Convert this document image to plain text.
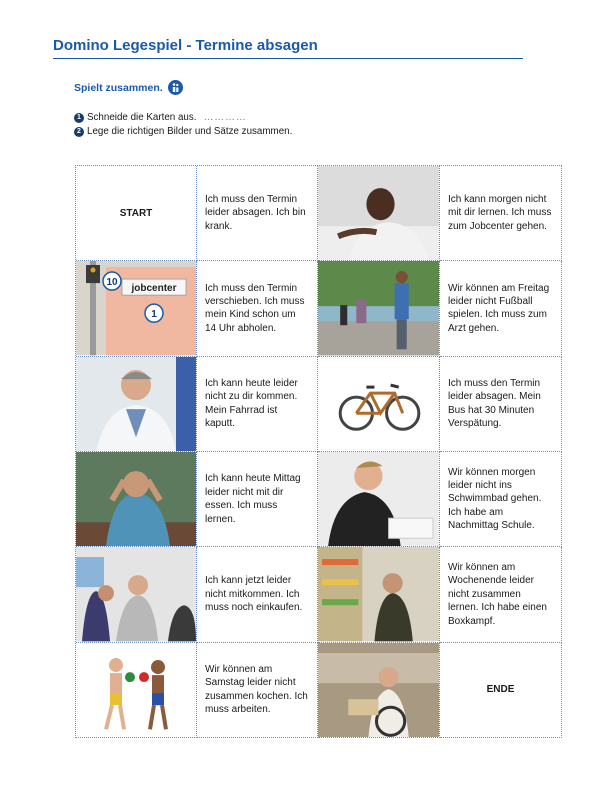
Domino Legespiel - Termine absagen
Spielt zusammen.
1 Schneide die Karten aus. …………
2 Lege die richtigen Bilder und Sätze zusammen.
START
Ich muss den Termin leider absagen. Ich bin krank.
Ich kann morgen nicht mit dir lernen. Ich muss zum Jobcenter gehen.
jobcenter
10
1
Ich muss den Termin verschieben. Ich muss mein Kind schon um 14 Uhr abholen.
Wir können am Freitag leider nicht Fußball spielen. Ich muss zum Arzt gehen.
Ich kann heute leider nicht zu dir kommen. Mein Fahrrad ist kaputt.
Ich muss den Termin leider absagen. Mein Bus hat 30 Minuten Verspätung.
Ich kann heute Mittag leider nicht mit dir essen. Ich muss lernen.
Wir können morgen leider nicht ins Schwimmbad gehen. Ich habe am Nachmittag Schule.
Ich kann jetzt leider nicht mitkommen. Ich muss noch einkaufen.
Wir können am Wochenende leider nicht zusammen lernen. Ich habe einen Boxkampf.
Wir können am Samstag leider nicht zusammen kochen. Ich muss arbeiten.
ENDE
